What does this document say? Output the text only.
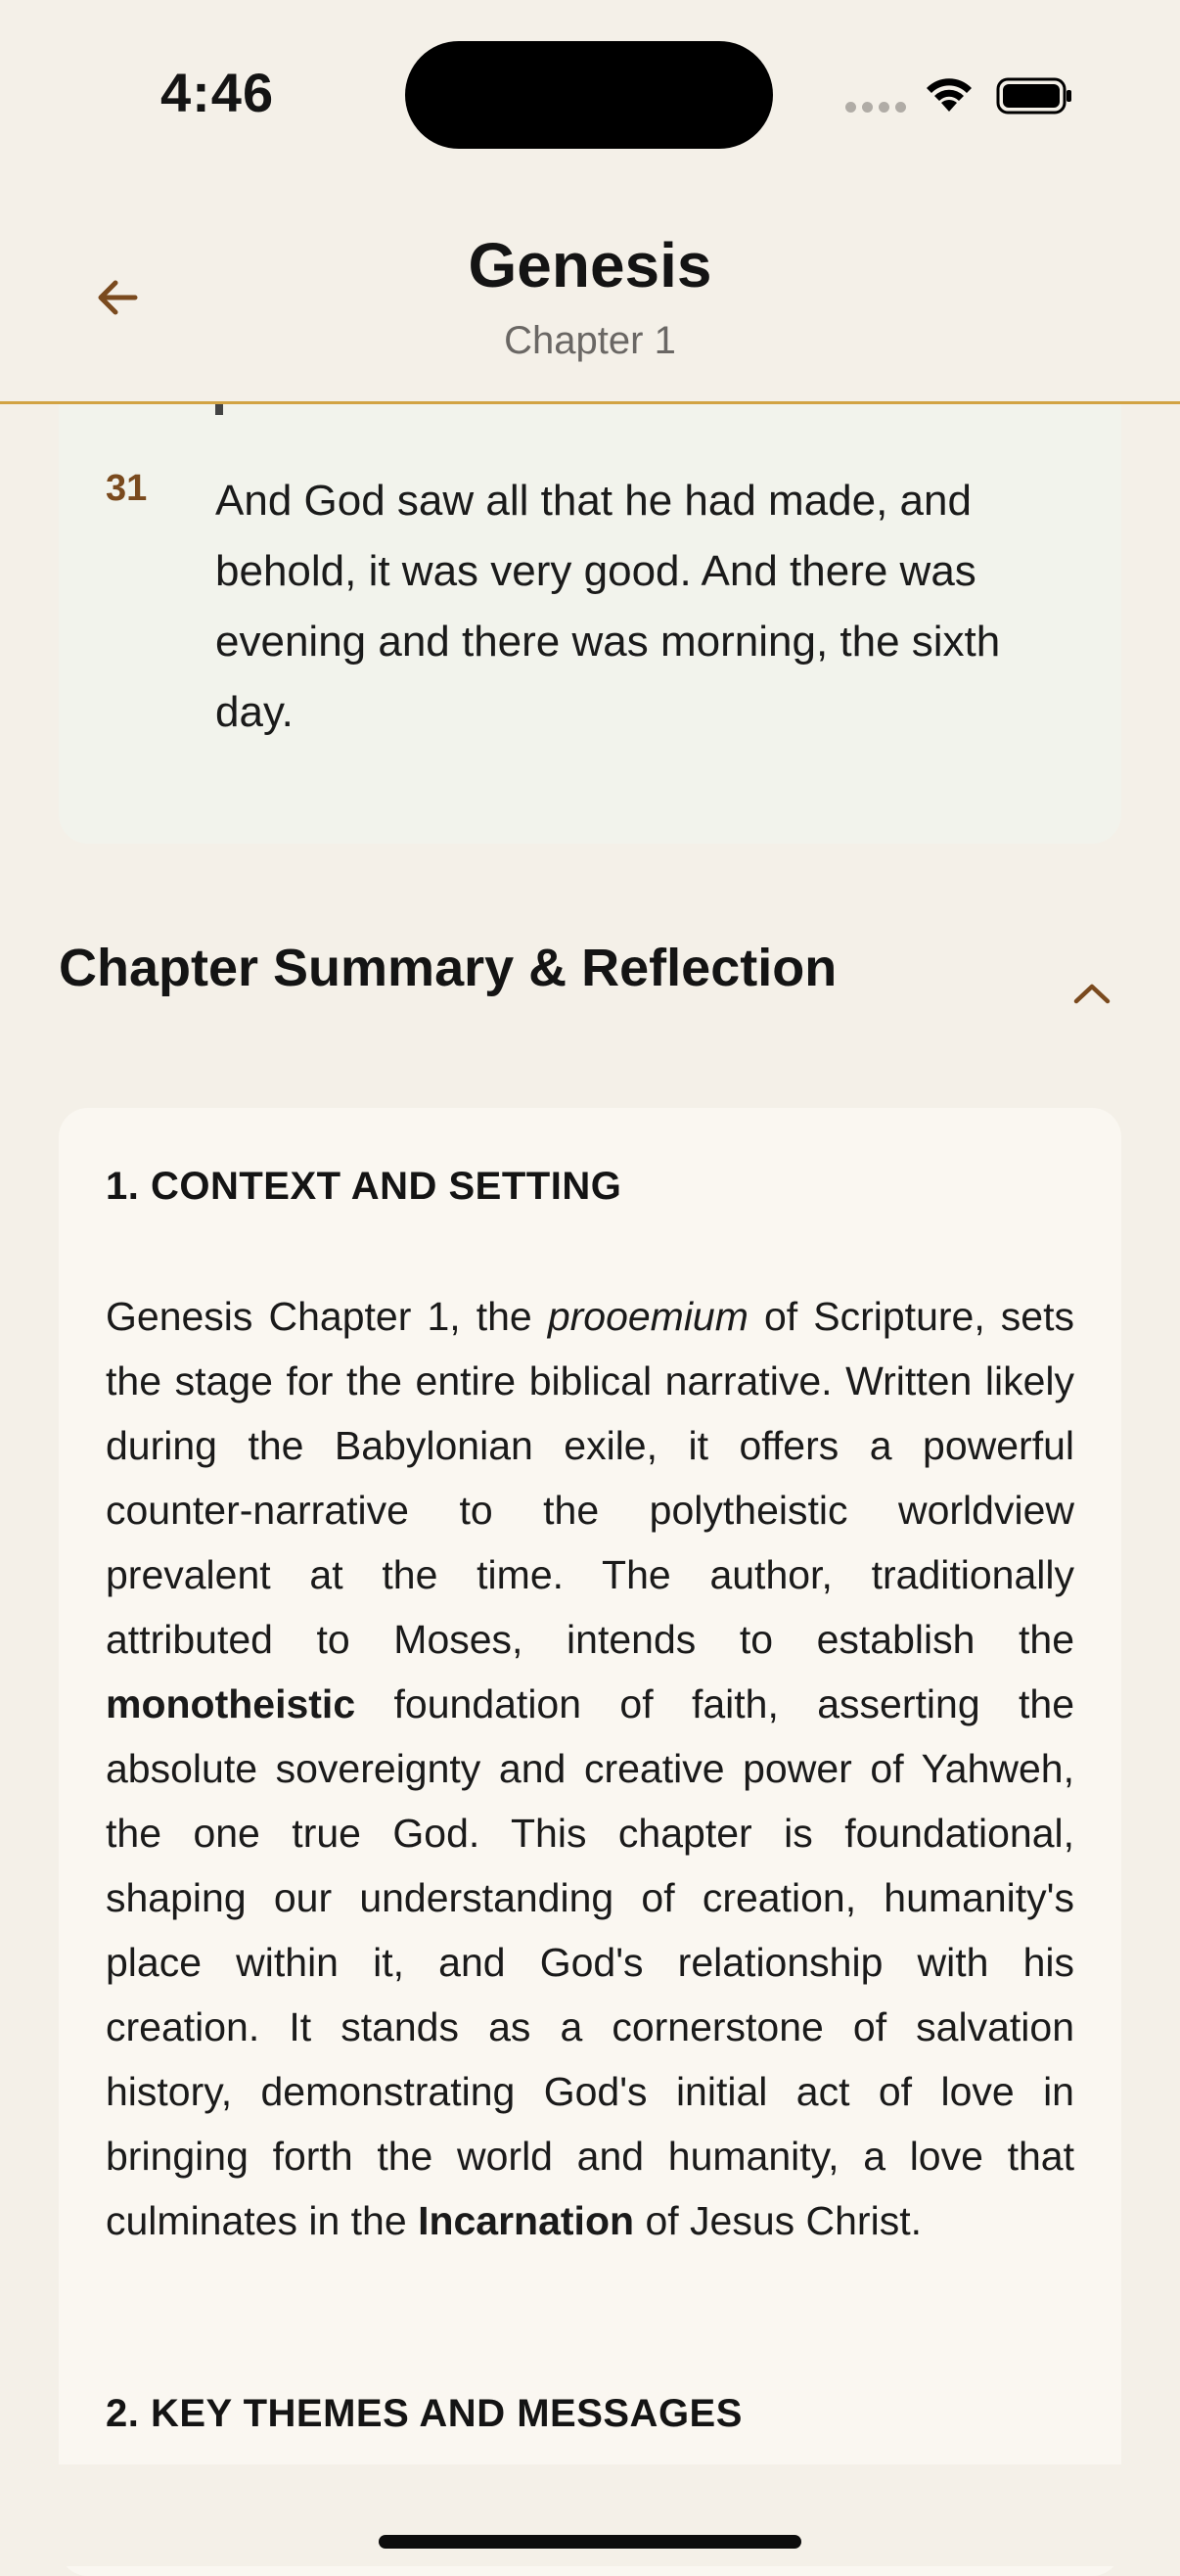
4:46
Genesis
Chapter 1
31 And God saw all that he had made, and behold, it was very good. And there was evening and there was morning, the sixth day.
Chapter Summary & Reflection
1. CONTEXT AND SETTING
Genesis Chapter 1, the prooemium of Scripture, sets the stage for the entire biblical narrative. Written likely during the Babylonian exile, it offers a powerful counter-narrative to the polytheistic worldview prevalent at the time. The author, traditionally attributed to Moses, intends to establish the monotheistic foundation of faith, asserting the absolute sovereignty and creative power of Yahweh, the one true God. This chapter is foundational, shaping our understanding of creation, humanity's place within it, and God's relationship with his creation. It stands as a cornerstone of salvation history, demonstrating God's initial act of love in bringing forth the world and humanity, a love that culminates in the Incarnation of Jesus Christ.
2. KEY THEMES AND MESSAGES
